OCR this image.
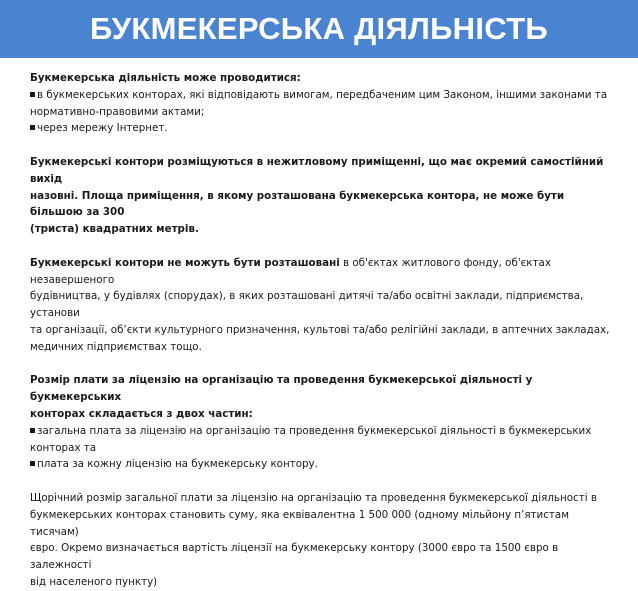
БУКМЕКЕРСЬКА ДІЯЛЬНІСТЬ
Букмекерська діяльність може проводитися:
в букмекерських конторах, які відповідають вимогам, передбаченим цим Законом, іншими законами та
нормативно-правовими актами;
через мережу Інтернет.
Букмекерські контори розміщуються в нежитловому приміщенні, що має окремий самостійний вихід
назовні. Площа приміщення, в якому розташована букмекерська контора, не може бути більшою за 300
(триста) квадратних метрів.
Букмекерські контори не можуть бути розташовані в об'єктах житлового фонду, об'єктах незавершеного
будівництва, у будівлях (спорудах), в яких розташовані дитячі та/або освітні заклади, підприємства, установи
та організації, об’єкти культурного призначення, культові та/або релігійні заклади, в аптечних закладах,
медичних підприємствах тощо.
Розмір плати за ліцензію на організацію та проведення букмекерської діяльності у букмекерських
конторах складається з двох частин:
загальна плата за ліцензію на організацію та проведення букмекерської діяльності в букмекерських
конторах та
плата за кожну ліцензію на букмекерську контору.
Щорічний розмір загальної плати за ліцензію на організацію та проведення букмекерської діяльності в
букмекерських конторах становить суму, яка еквівалентна 1 500 000 (одному мільйону п’ятистам тисячам)
євро. Окремо визначається вартість ліцензії на букмекерську контору (3000 євро та 1500 євро в залежності
від населеного пункту)
